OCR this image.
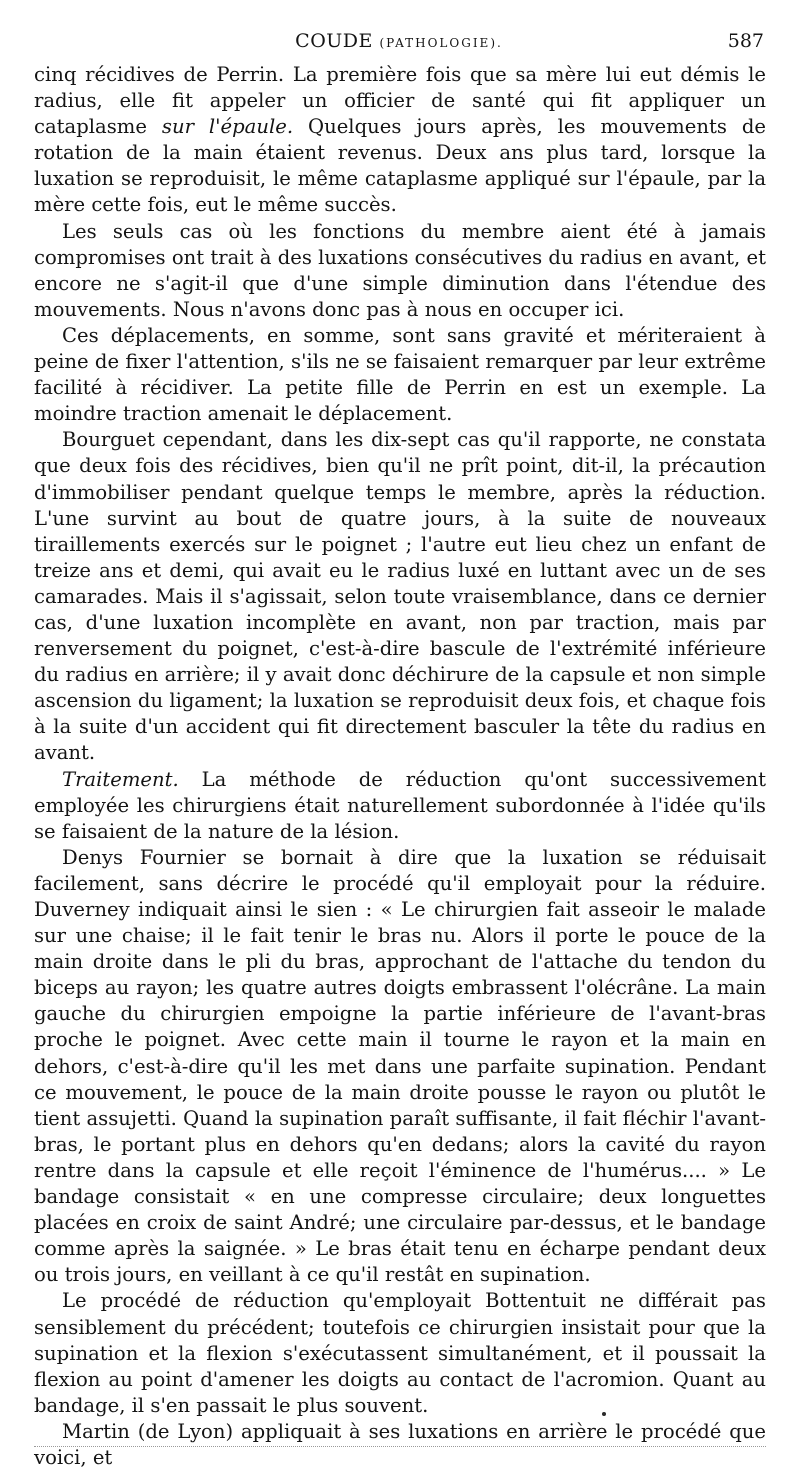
COUDE (PATHOLOGIE).	587

cinq récidives de Perrin. La première fois que sa mère lui eut démis le radius, elle fit appeler un officier de santé qui fit appliquer un cataplasme sur l'épaule. Quelques jours après, les mouvements de rotation de la main étaient revenus. Deux ans plus tard, lorsque la luxation se reproduisit, le même cataplasme appliqué sur l'épaule, par la mère cette fois, eut le même succès.

Les seuls cas où les fonctions du membre aient été à jamais compromises ont trait à des luxations consécutives du radius en avant, et encore ne s'agit-il que d'une simple diminution dans l'étendue des mouvements. Nous n'avons donc pas à nous en occuper ici.

Ces déplacements, en somme, sont sans gravité et mériteraient à peine de fixer l'attention, s'ils ne se faisaient remarquer par leur extrême facilité à récidiver. La petite fille de Perrin en est un exemple. La moindre traction amenait le déplacement.

Bourguet cependant, dans les dix-sept cas qu'il rapporte, ne constata que deux fois des récidives, bien qu'il ne prît point, dit-il, la précaution d'immobiliser pendant quelque temps le membre, après la réduction. L'une survint au bout de quatre jours, à la suite de nouveaux tiraillements exercés sur le poignet ; l'autre eut lieu chez un enfant de treize ans et demi, qui avait eu le radius luxé en luttant avec un de ses camarades. Mais il s'agissait, selon toute vraisemblance, dans ce dernier cas, d'une luxation incomplète en avant, non par traction, mais par renversement du poignet, c'est-à-dire bascule de l'extrémité inférieure du radius en arrière; il y avait donc déchirure de la capsule et non simple ascension du ligament; la luxation se reproduisit deux fois, et chaque fois à la suite d'un accident qui fit directement basculer la tête du radius en avant.

Traitement. La méthode de réduction qu'ont successivement employée les chirurgiens était naturellement subordonnée à l'idée qu'ils se faisaient de la nature de la lésion.

Denys Fournier se bornait à dire que la luxation se réduisait facilement, sans décrire le procédé qu'il employait pour la réduire. Duverney indiquait ainsi le sien : « Le chirurgien fait asseoir le malade sur une chaise; il le fait tenir le bras nu. Alors il porte le pouce de la main droite dans le pli du bras, approchant de l'attache du tendon du biceps au rayon; les quatre autres doigts embrassent l'olécrâne. La main gauche du chirurgien empoigne la partie inférieure de l'avant-bras proche le poignet. Avec cette main il tourne le rayon et la main en dehors, c'est-à-dire qu'il les met dans une parfaite supination. Pendant ce mouvement, le pouce de la main droite pousse le rayon ou plutôt le tient assujetti. Quand la supination paraît suffisante, il fait fléchir l'avant-bras, le portant plus en dehors qu'en dedans; alors la cavité du rayon rentre dans la capsule et elle reçoit l'éminence de l'humérus.... » Le bandage consistait « en une compresse circulaire; deux longuettes placées en croix de saint André; une circulaire par-dessus, et le bandage comme après la saignée. » Le bras était tenu en écharpe pendant deux ou trois jours, en veillant à ce qu'il restât en supination.

Le procédé de réduction qu'employait Bottentuit ne différait pas sensiblement du précédent; toutefois ce chirurgien insistait pour que la supination et la flexion s'exécutassent simultanément, et il poussait la flexion au point d'amener les doigts au contact de l'acromion. Quant au bandage, il s'en passait le plus souvent.

Martin (de Lyon) appliquait à ses luxations en arrière le procédé que voici, et
